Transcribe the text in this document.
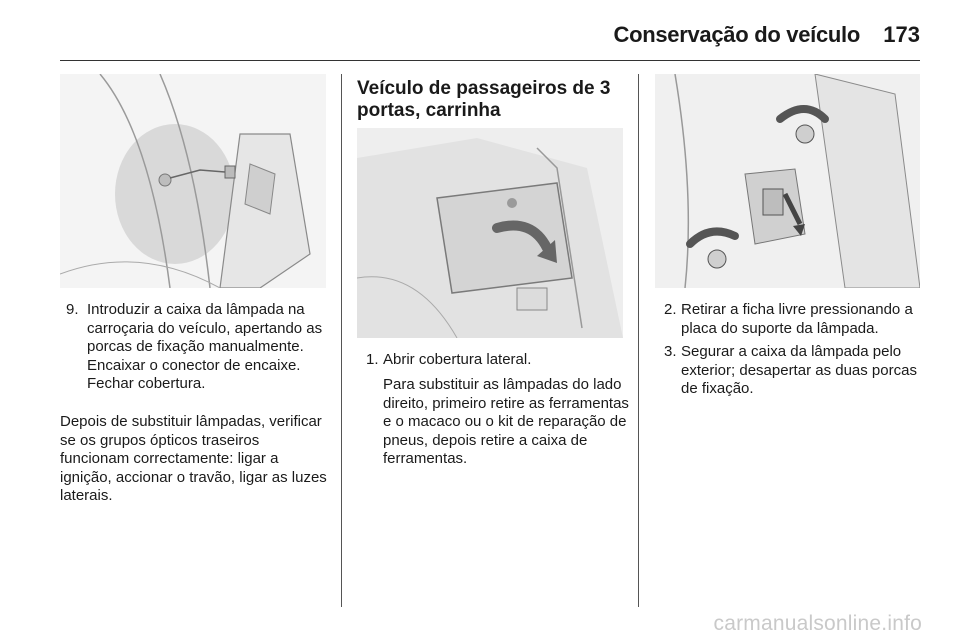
Conservação do veículo	173
9. Introduzir a caixa da lâmpada na carroçaria do veículo, apertando as porcas de fixação manualmente. Encaixar o conector de encaixe. Fechar cobertura.
Depois de substituir lâmpadas, verificar se os grupos ópticos traseiros funcionam correctamente: ligar a ignição, accionar o travão, ligar as luzes laterais.
Veículo de passageiros de 3 portas, carrinha
1. Abrir cobertura lateral.
Para substituir as lâmpadas do lado direito, primeiro retire as ferramentas e o macaco ou o kit de reparação de pneus, depois retire a caixa de ferramentas.
2. Retirar a ficha livre pressionando a placa do suporte da lâmpada.
3. Segurar a caixa da lâmpada pelo exterior; desapertar as duas porcas de fixação.
carmanualsonline.info
